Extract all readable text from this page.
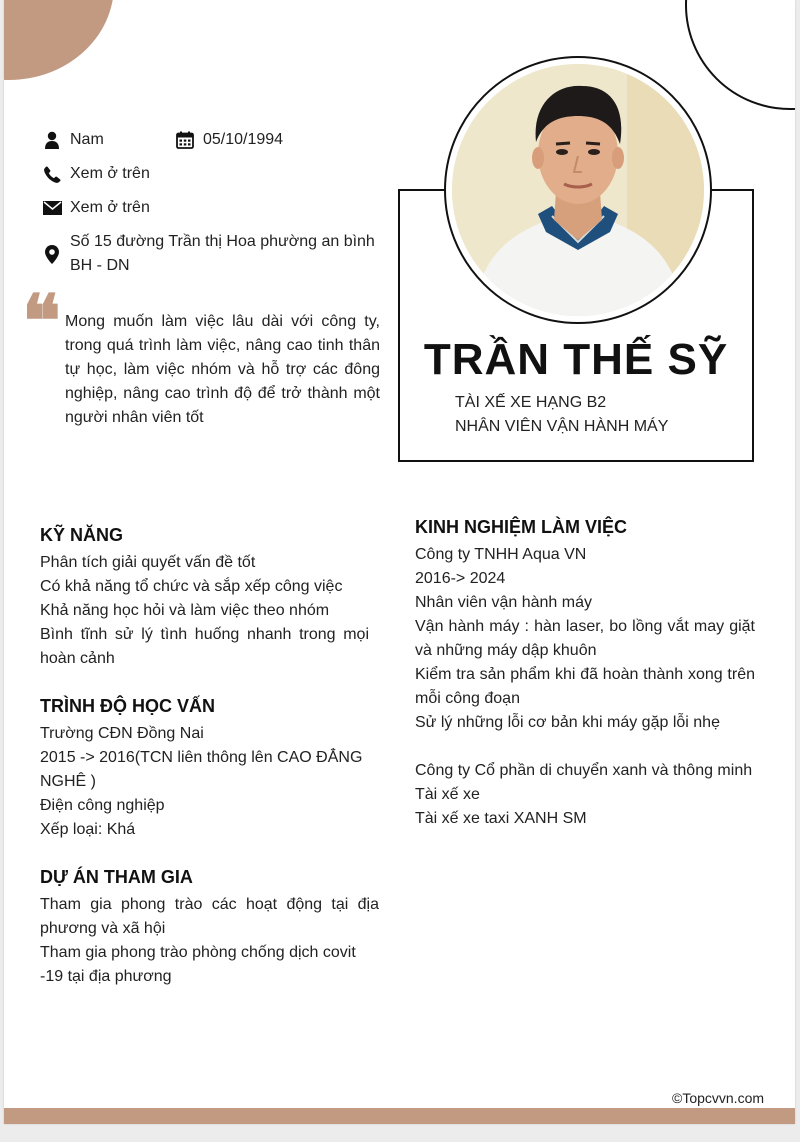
Nam	05/10/1994
Xem ở trên
Xem ở trên
Số 15 đường Trần thị Hoa phường an bình
BH - DN
❝ Mong muốn làm việc lâu dài với công ty, trong quá trình làm việc, nâng cao tinh thân tự học, làm việc nhóm và hỗ trợ các đông nghiệp, nâng cao trình độ để trở thành một người nhân viên tốt
TRẦN THẾ SỸ
TÀI XẾ XE HẠNG B2
NHÂN VIÊN VẬN HÀNH MÁY
KỸ NĂNG
Phân tích giải quyết vấn đề tốt
Có khả năng tổ chức và sắp xếp công việc
Khả năng học hỏi và làm việc theo nhóm
Bình tĩnh sử lý tình huống nhanh trong mọi hoàn cảnh
TRÌNH ĐỘ HỌC VẤN
Trường CĐN Đồng Nai
2015 -> 2016(TCN liên thông lên CAO ĐẲNG NGHÊ )
Điện công nghiệp
Xếp loại: Khá
DỰ ÁN THAM GIA
Tham gia phong trào các hoạt động tại địa phương và xã hội
Tham gia phong trào phòng chống dịch covit -19 tại địa phương
KINH NGHIỆM LÀM VIỆC
Công ty TNHH Aqua VN
2016-> 2024
Nhân viên vận hành máy
Vận hành máy : hàn laser, bo lồng vắt may giặt và những máy dập khuôn
Kiểm tra sản phẩm khi đã hoàn thành xong trên mỗi công đoạn
Sử lý những lỗi cơ bản khi máy gặp lỗi nhẹ
Công ty Cổ phần di chuyển xanh và thông minh
Tài xế xe
Tài xế xe taxi XANH SM
©Topcvvn.com
